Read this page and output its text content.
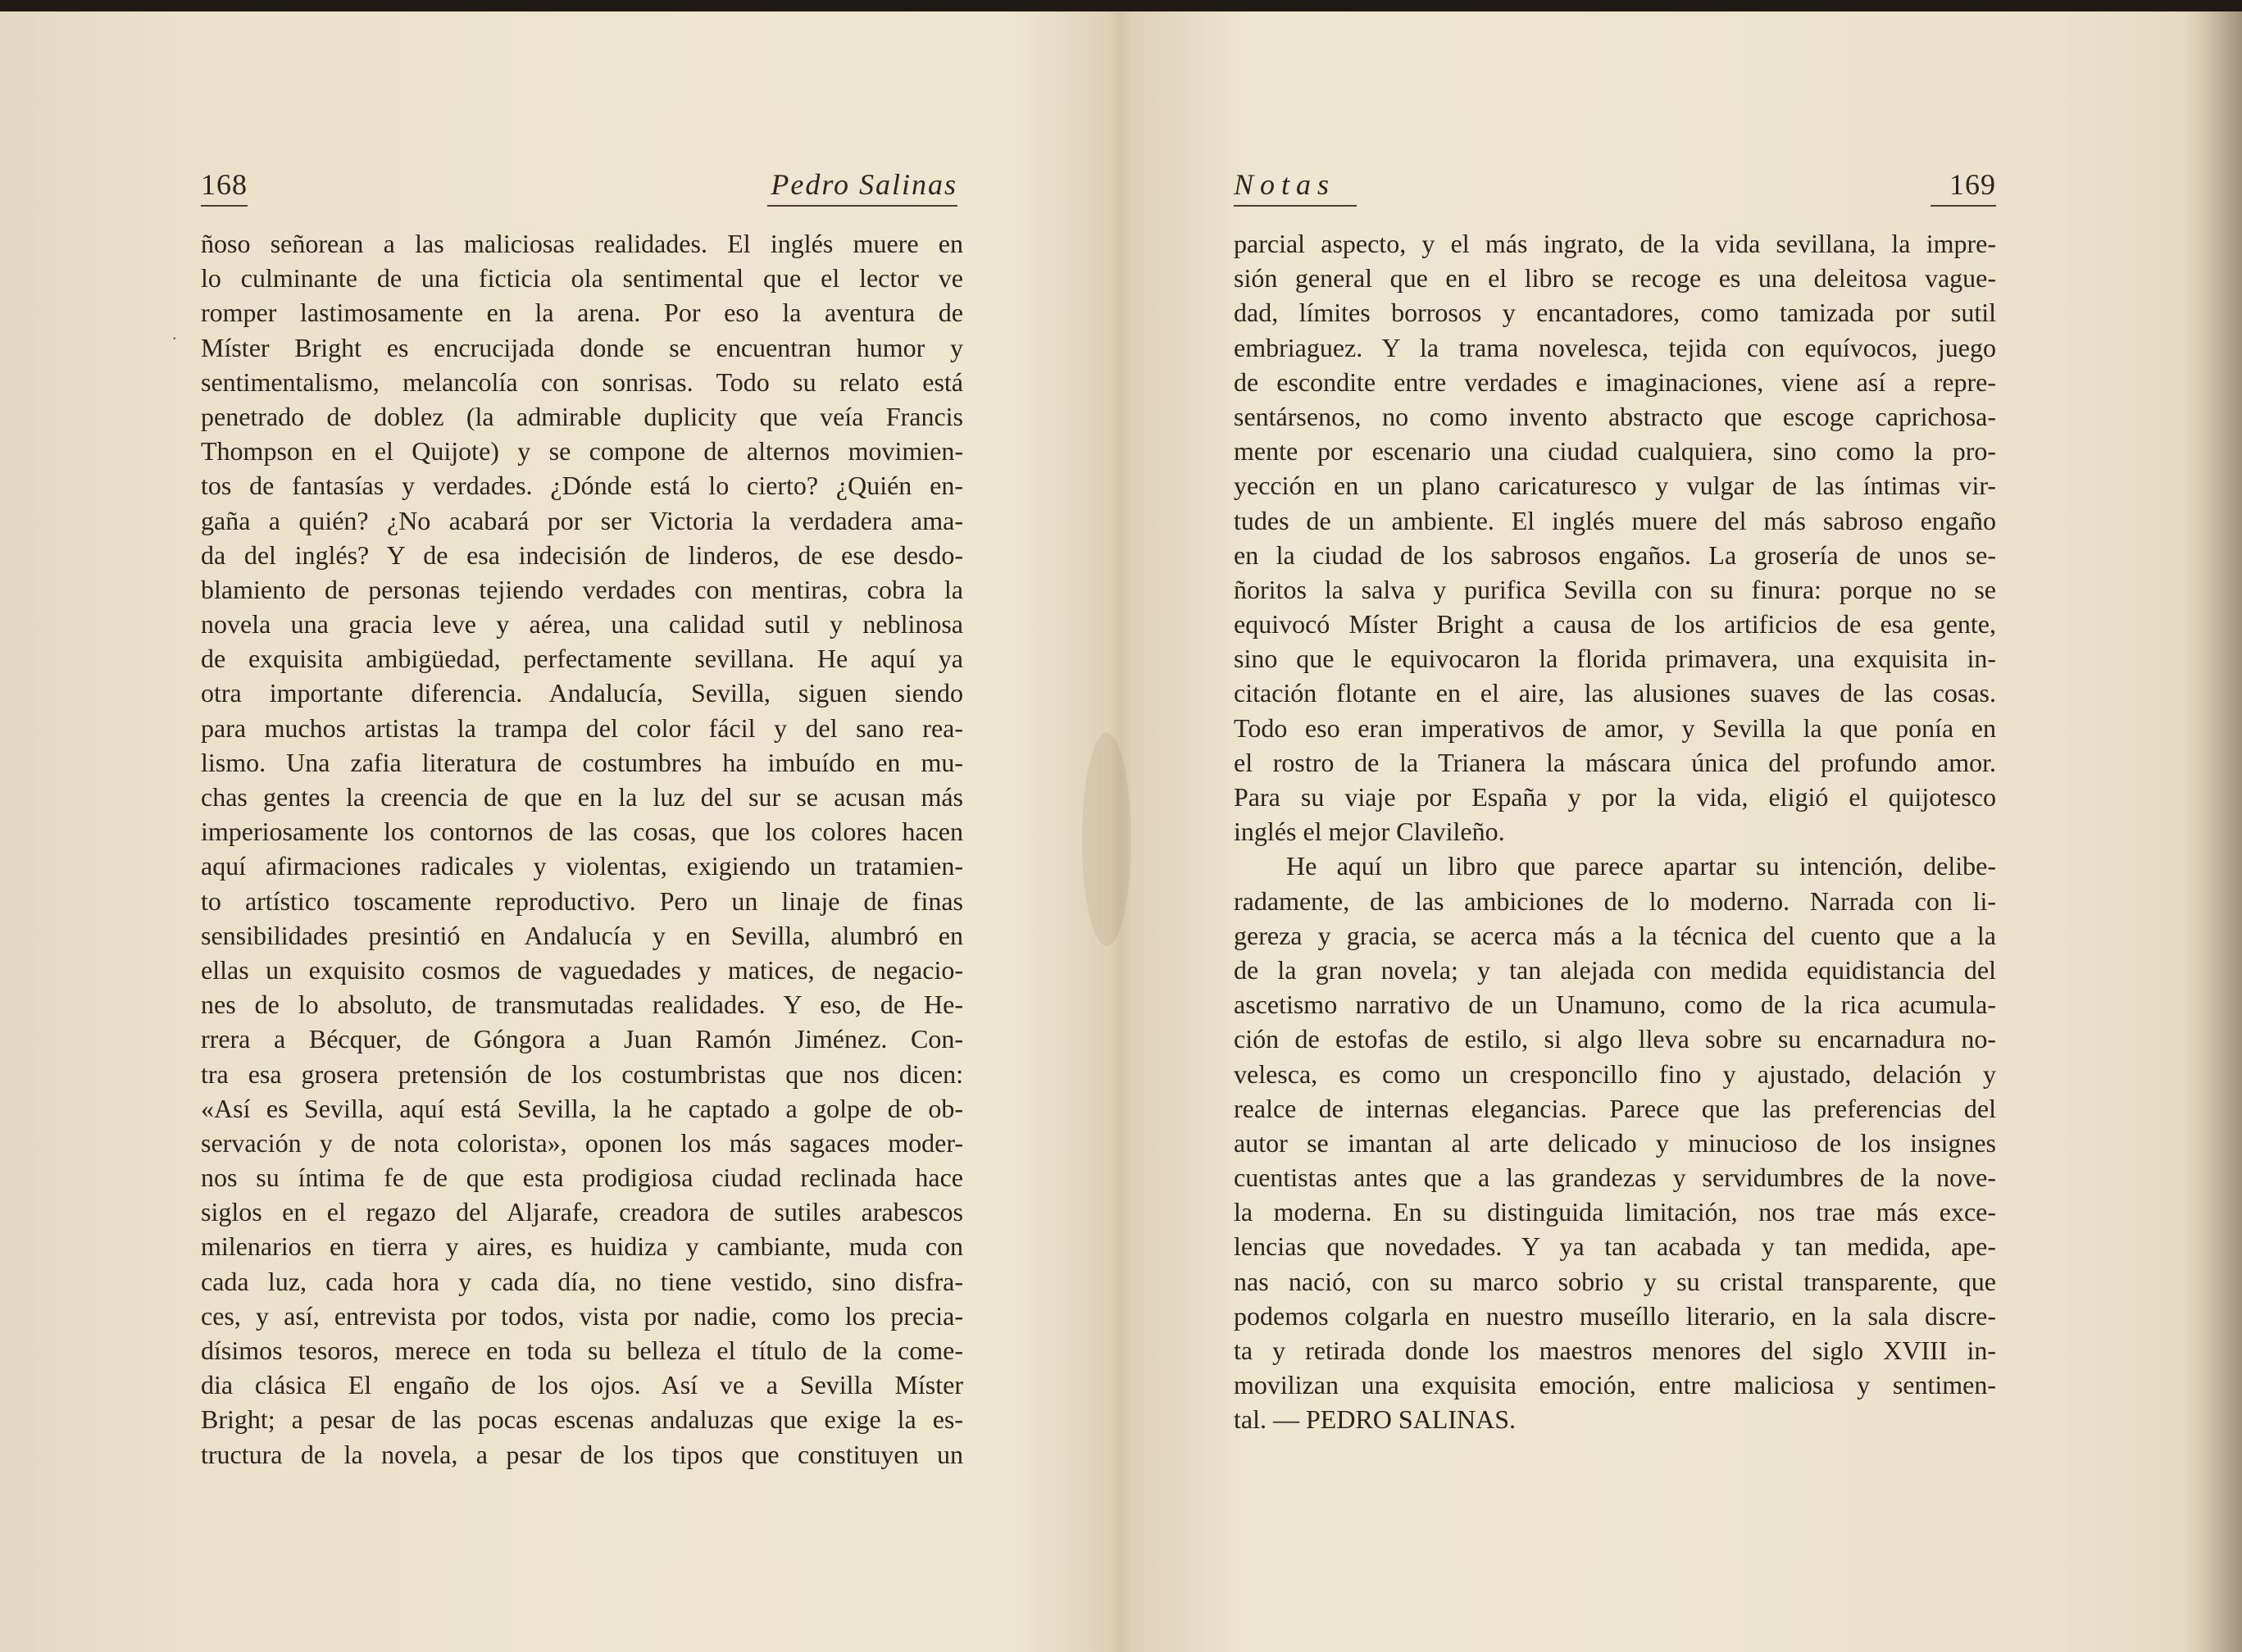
168	Pedro Salinas
ñoso señorean a las maliciosas realidades. El inglés muere en
lo culminante de una ficticia ola sentimental que el lector ve
romper lastimosamente en la arena. Por eso la aventura de
Míster Bright es encrucijada donde se encuentran humor y
sentimentalismo, melancolía con sonrisas. Todo su relato está
penetrado de doblez (la admirable duplicity que veía Francis
Thompson en el Quijote) y se compone de alternos movimien-
tos de fantasías y verdades. ¿Dónde está lo cierto? ¿Quién en-
gaña a quién? ¿No acabará por ser Victoria la verdadera ama-
da del inglés? Y de esa indecisión de linderos, de ese desdo-
blamiento de personas tejiendo verdades con mentiras, cobra la
novela una gracia leve y aérea, una calidad sutil y neblinosa
de exquisita ambigüedad, perfectamente sevillana. He aquí ya
otra importante diferencia. Andalucía, Sevilla, siguen siendo
para muchos artistas la trampa del color fácil y del sano rea-
lismo. Una zafia literatura de costumbres ha imbuído en mu-
chas gentes la creencia de que en la luz del sur se acusan más
imperiosamente los contornos de las cosas, que los colores hacen
aquí afirmaciones radicales y violentas, exigiendo un tratamien-
to artístico toscamente reproductivo. Pero un linaje de finas
sensibilidades presintió en Andalucía y en Sevilla, alumbró en
ellas un exquisito cosmos de vaguedades y matices, de negacio-
nes de lo absoluto, de transmutadas realidades. Y eso, de He-
rrera a Bécquer, de Góngora a Juan Ramón Jiménez. Con-
tra esa grosera pretensión de los costumbristas que nos dicen:
«Así es Sevilla, aquí está Sevilla, la he captado a golpe de ob-
servación y de nota colorista», oponen los más sagaces moder-
nos su íntima fe de que esta prodigiosa ciudad reclinada hace
siglos en el regazo del Aljarafe, creadora de sutiles arabescos
milenarios en tierra y aires, es huidiza y cambiante, muda con
cada luz, cada hora y cada día, no tiene vestido, sino disfra-
ces, y así, entrevista por todos, vista por nadie, como los precia-
dísimos tesoros, merece en toda su belleza el título de la come-
dia clásica El engaño de los ojos. Así ve a Sevilla Míster
Bright; a pesar de las pocas escenas andaluzas que exige la es-
tructura de la novela, a pesar de los tipos que constituyen un
.
Notas	169
parcial aspecto, y el más ingrato, de la vida sevillana, la impre-
sión general que en el libro se recoge es una deleitosa vague-
dad, límites borrosos y encantadores, como tamizada por sutil
embriaguez. Y la trama novelesca, tejida con equívocos, juego
de escondite entre verdades e imaginaciones, viene así a repre-
sentársenos, no como invento abstracto que escoge caprichosa-
mente por escenario una ciudad cualquiera, sino como la pro-
yección en un plano caricaturesco y vulgar de las íntimas vir-
tudes de un ambiente. El inglés muere del más sabroso engaño
en la ciudad de los sabrosos engaños. La grosería de unos se-
ñoritos la salva y purifica Sevilla con su finura: porque no se
equivocó Míster Bright a causa de los artificios de esa gente,
sino que le equivocaron la florida primavera, una exquisita in-
citación flotante en el aire, las alusiones suaves de las cosas.
Todo eso eran imperativos de amor, y Sevilla la que ponía en
el rostro de la Trianera la máscara única del profundo amor.
Para su viaje por España y por la vida, eligió el quijotesco
inglés el mejor Clavileño.
He aquí un libro que parece apartar su intención, delibe-
radamente, de las ambiciones de lo moderno. Narrada con li-
gereza y gracia, se acerca más a la técnica del cuento que a la
de la gran novela; y tan alejada con medida equidistancia del
ascetismo narrativo de un Unamuno, como de la rica acumula-
ción de estofas de estilo, si algo lleva sobre su encarnadura no-
velesca, es como un cresponcillo fino y ajustado, delación y
realce de internas elegancias. Parece que las preferencias del
autor se imantan al arte delicado y minucioso de los insignes
cuentistas antes que a las grandezas y servidumbres de la nove-
la moderna. En su distinguida limitación, nos trae más exce-
lencias que novedades. Y ya tan acabada y tan medida, ape-
nas nació, con su marco sobrio y su cristal transparente, que
podemos colgarla en nuestro museíllo literario, en la sala discre-
ta y retirada donde los maestros menores del siglo XVIII in-
movilizan una exquisita emoción, entre maliciosa y sentimen-
tal. — PEDRO SALINAS.
